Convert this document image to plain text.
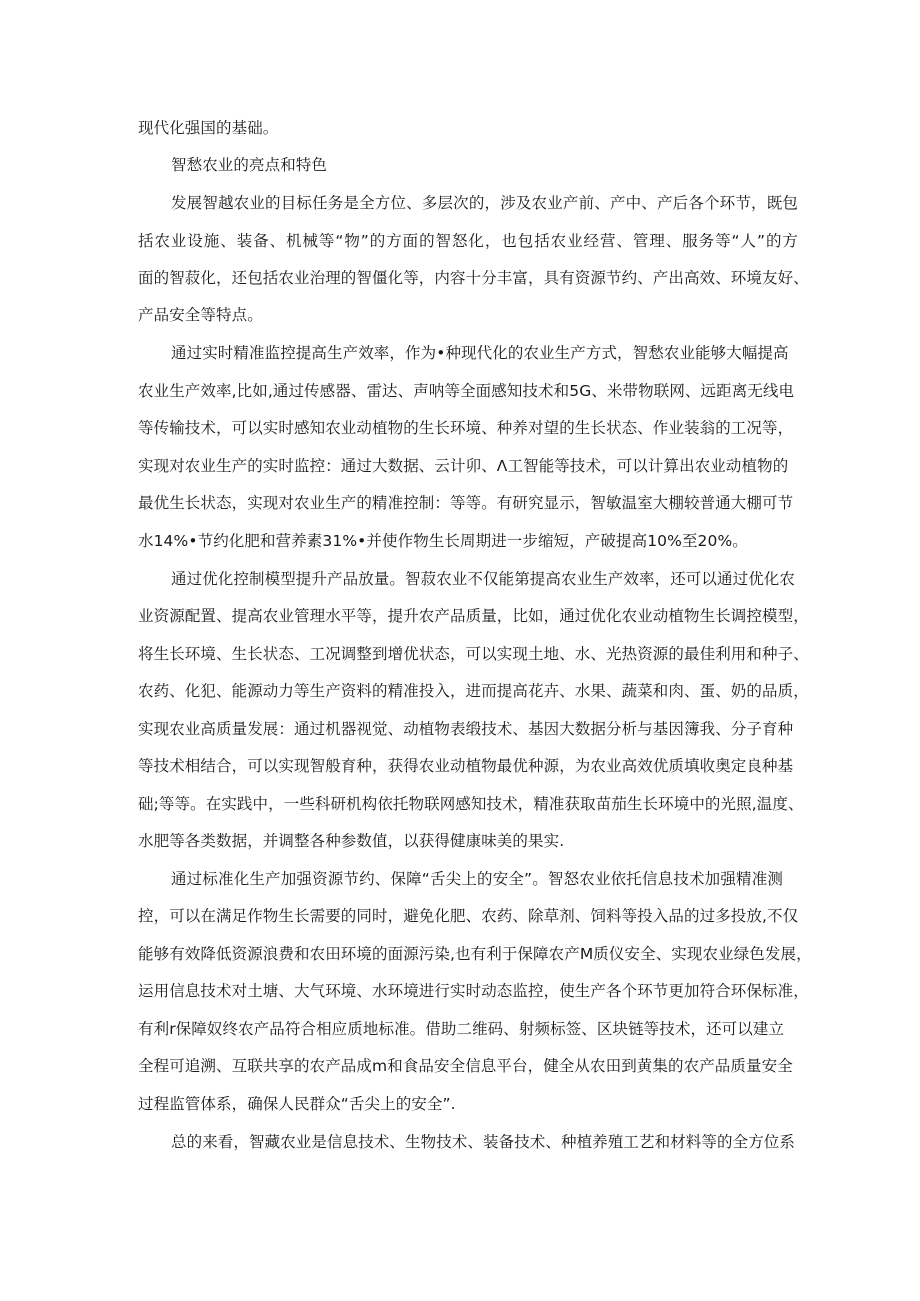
现代化强国的基础。
智愁农业的亮点和特色
发展智越农业的目标任务是全方位、多层次的，涉及农业产前、产中、产后各个环节，既包
括农业设施、装备、机械等“物”的方面的智怒化，也包括农业经营、管理、服务等“人”的方
面的智菽化，还包括农业治理的智僵化等，内容十分丰富，具有资源节约、产出高效、环境友好、
产品安全等特点。
通过实时精准监控提高生产效率，作为•种现代化的农业生产方式，智愁农业能够大幅提高
农业生产效率,比如,通过传感器、雷达、声呐等全面感知技术和5G、米带物联网、远距离无线电
等传输技术，可以实时感知农业动植物的生长环境、种养对望的生长状态、作业装翁的工况等，
实现对农业生产的实时监控：通过大数据、云计卯、Λ工智能等技术，可以计算出农业动植物的
最优生长状态，实现对农业生产的精准控制：等等。有研究显示，智敏温室大棚较普通大棚可节
水14%•节约化肥和营养素31%•并使作物生长周期进一步缩短，产破提高10%至20%。
通过优化控制模型提升产品放量。智菽农业不仅能第提高农业生产效率，还可以通过优化农
业资源配置、提高农业管理水平等，提升农产品质量，比如，通过优化农业动植物生长调控模型，
将生长环境、生长状态、工况调整到增优状态，可以实现土地、水、光热资源的最佳利用和种子、
农药、化犯、能源动力等生产资料的精准投入，进而提高花卉、水果、蔬菜和肉、蛋、奶的品质，
实现农业高质量发展：通过机器视觉、动植物表缎技术、基因大数据分析与基因簿我、分子育种
等技术相结合，可以实现智般育种，获得农业动植物最优种源，为农业高效优质填收奥定良种基
础;等等。在实践中，一些科研机构依托物联网感知技术，精准获取苗茄生长环境中的光照,温度、
水肥等各类数据，并调整各种参数值，以获得健康味美的果实.
通过标准化生产加强资源节约、保障“舌尖上的安全”。智怒农业依托信息技术加强精准测
控，可以在满足作物生长需要的同时，避免化肥、农药、除草剂、饲料等投入品的过多投放,不仅
能够有效降低资源浪费和农田环境的面源污染,也有利于保障农产M质仪安全、实现农业绿色发展，
运用信息技术对土塘、大气环境、水环境进行实时动态监控，使生产各个环节更加符合环保标准，
有利r保障奴终农产品符合相应质地标准。借助二维码、射频标签、区块链等技术，还可以建立
全程可追溯、互联共享的农产品成m和食品安全信息平台，健全从农田到黄集的农产品质量安全
过程监管体系，确保人民群众“舌尖上的安全”.
总的来看，智藏农业是信息技术、生物技术、装备技术、种植养殖工艺和材料等的全方位系
